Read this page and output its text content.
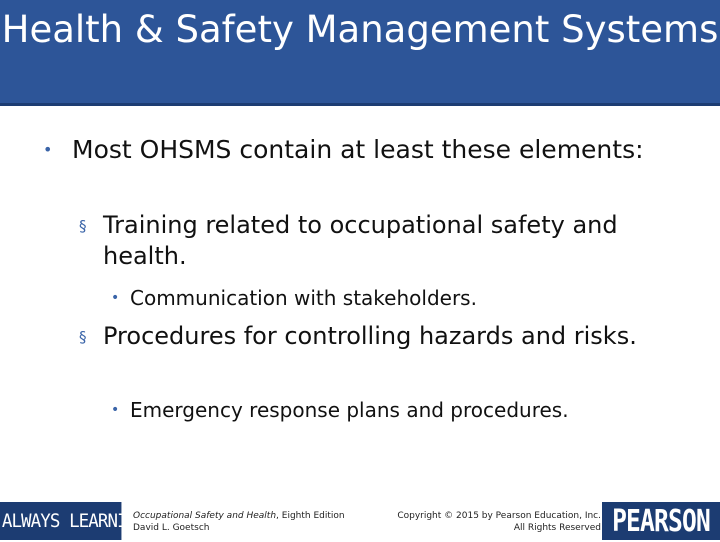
Health & Safety Management Systems
• Most OHSMS contain at least these elements:
§ Training related to occupational safety and health.
• Communication with stakeholders.
§ Procedures for controlling hazards and risks.
• Emergency response plans and procedures.
ALWAYS LEARNING
Occupational Safety and Health, Eighth Edition
David L. Goetsch
Copyright © 2015 by Pearson Education, Inc.
All Rights Reserved PEARSON
